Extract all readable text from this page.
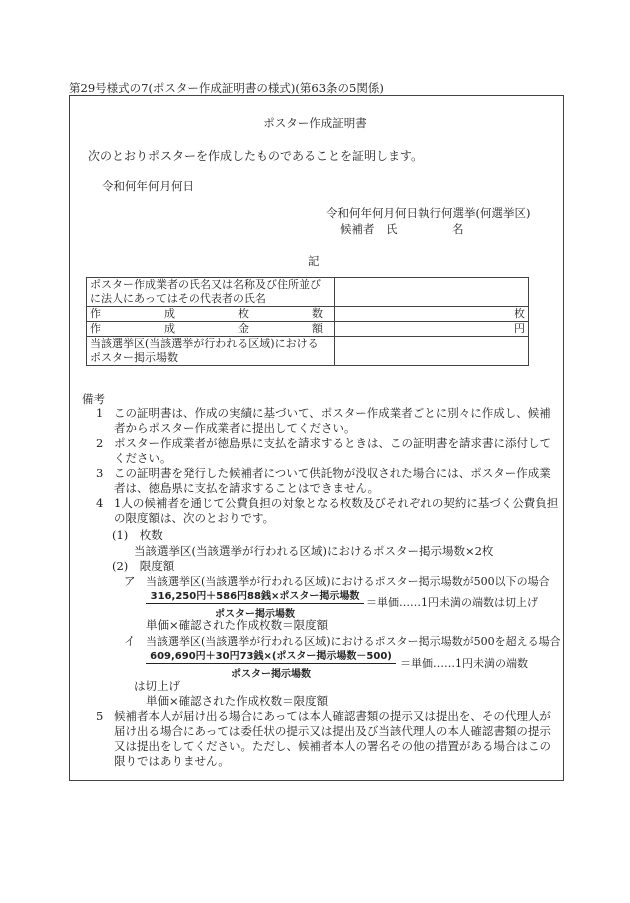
第29号様式の7(ポスター作成証明書の様式)(第63条の5関係)
ポスター作成証明書
次のとおりポスターを作成したものであることを証明します。
令和何年何月何日
令和何年何月何日執行何選挙(何選挙区)
候補者　氏	名
記
ポスター作成業者の氏名又は名称及び住所並び
に法人にあってはその代表者の氏名	

作 成 枚 数	枚

作 成 金 額	円

当該選挙区(当該選挙が行われる区域)における
ポスター掲示場数	

備考
1 この証明書は、作成の実績に基づいて、ポスター作成業者ごとに別々に作成し、候補者からポスター作成業者に提出してください。
2 ポスター作成業者が徳島県に支払を請求するときは、この証明書を請求書に添付してください。
3 この証明書を発行した候補者について供託物が没収された場合には、ポスター作成業者は、徳島県に支払を請求することはできません。
4 1人の候補者を通じて公費負担の対象となる枚数及びそれぞれの契約に基づく公費負担の限度額は、次のとおりです。
(1)　枚数
当該選挙区(当該選挙が行われる区域)におけるポスター掲示場数×2枚
(2)　限度額
ア 当該選挙区(当該選挙が行われる区域)におけるポスター掲示場数が500以下の場合
316,250円＋586円88銭×ポスター掲示場数
ポスター掲示場数
＝単価……1円未満の端数は切上げ
単価×確認された作成枚数＝限度額
イ 当該選挙区(当該選挙が行われる区域)におけるポスター掲示場数が500を超える場合
609,690円＋30円73銭×(ポスター掲示場数－500)
ポスター掲示場数
＝単価……1円未満の端数
は切上げ
単価×確認された作成枚数＝限度額
5 候補者本人が届け出る場合にあっては本人確認書類の提示又は提出を、その代理人が届け出る場合にあっては委任状の提示又は提出及び当該代理人の本人確認書類の提示又は提出をしてください。ただし、候補者本人の署名その他の措置がある場合はこの限りではありません。
